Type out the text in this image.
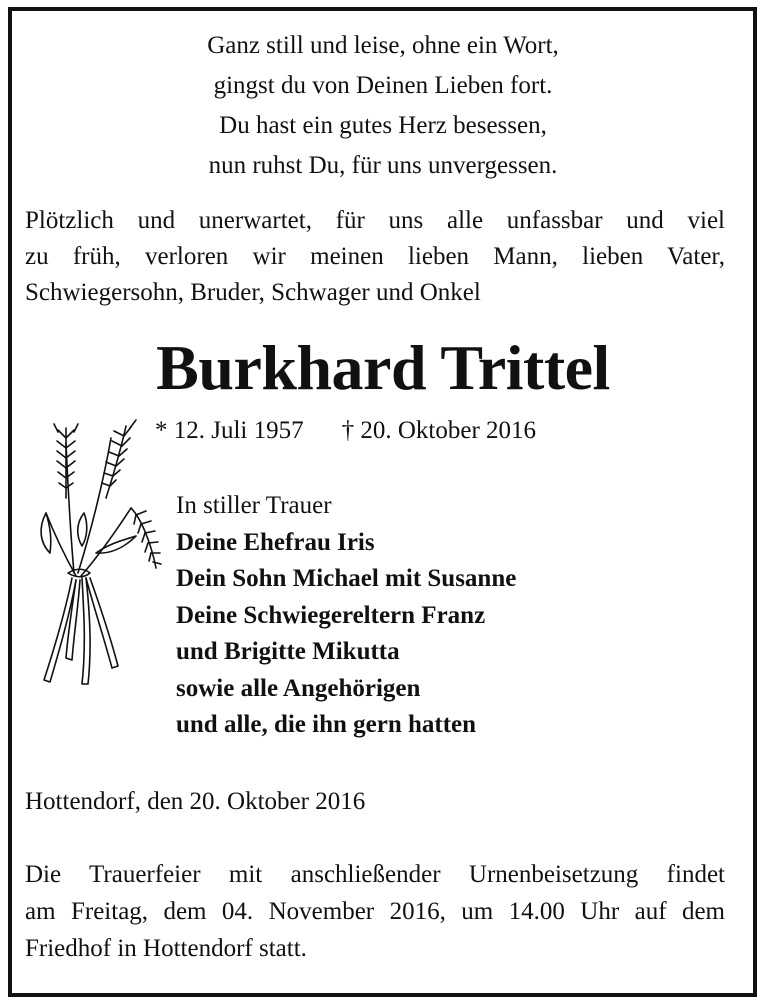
Ganz still und leise, ohne ein Wort,
gingst du von Deinen Lieben fort.
Du hast ein gutes Herz besessen,
nun ruhst Du, für uns unvergessen.
Plötzlich und unerwartet, für uns alle unfassbar und viel
zu früh, verloren wir meinen lieben Mann, lieben Vater,
Schwiegersohn, Bruder, Schwager und Onkel
Burkhard Trittel
* 12. Juli 1957 † 20. Oktober 2016
In stiller Trauer
Deine Ehefrau Iris
Dein Sohn Michael mit Susanne
Deine Schwiegereltern Franz
und Brigitte Mikutta
sowie alle Angehörigen
und alle, die ihn gern hatten
Hottendorf, den 20. Oktober 2016
Die Trauerfeier mit anschließender Urnenbeisetzung findet
am Freitag, dem 04. November 2016, um 14.00 Uhr auf dem
Friedhof in Hottendorf statt.
